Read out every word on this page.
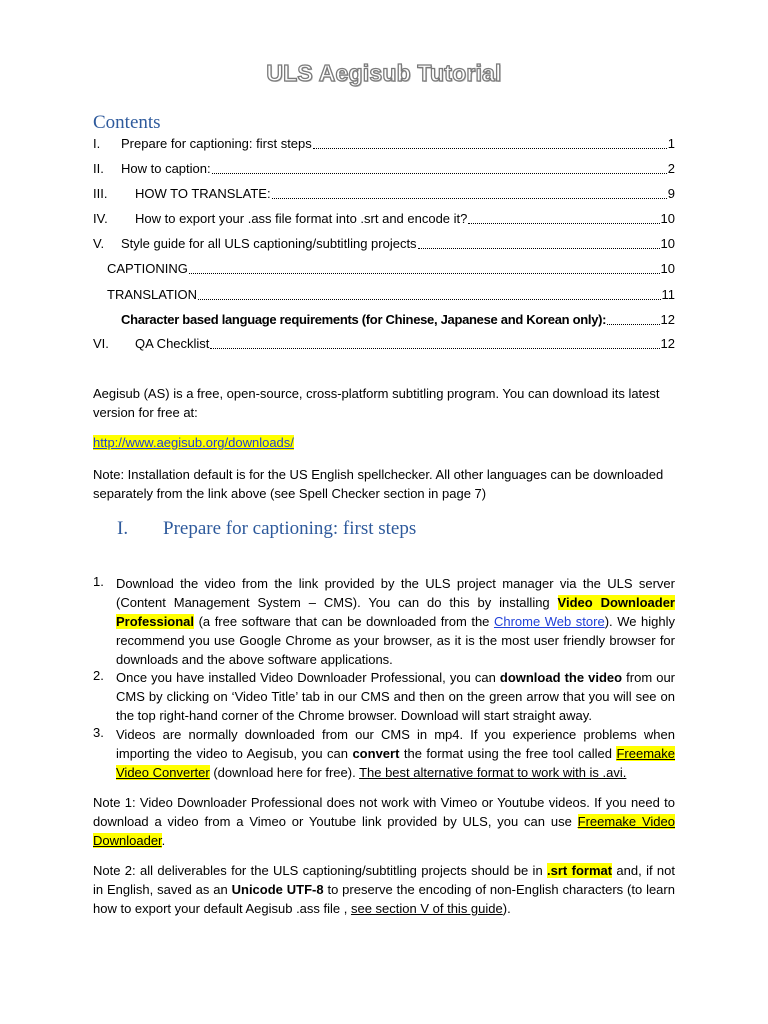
ULS Aegisub Tutorial
Contents
I.	Prepare for captioning: first steps	1
II.	How to caption:	2
III.	HOW TO TRANSLATE:	9
IV.	How to export your .ass file format into .srt and encode it?	10
V.	Style guide for all ULS captioning/subtitling projects	10
CAPTIONING	10
TRANSLATION	11
Character based language requirements (for Chinese, Japanese and Korean only):	12
VI.	QA Checklist	12
Aegisub (AS) is a free, open-source, cross-platform subtitling program. You can download its latest version for free at:
http://www.aegisub.org/downloads/
Note: Installation default is for the US English spellchecker. All other languages can be downloaded separately from the link above (see Spell Checker section in page 7)
I. Prepare for captioning: first steps
1. Download the video from the link provided by the ULS project manager via the ULS server (Content Management System – CMS). You can do this by installing Video Downloader Professional (a free software that can be downloaded from the Chrome Web store). We highly recommend you use Google Chrome as your browser, as it is the most user friendly browser for downloads and the above software applications.
2. Once you have installed Video Downloader Professional, you can download the video from our CMS by clicking on ‘Video Title’ tab in our CMS and then on the green arrow that you will see on the top right-hand corner of the Chrome browser. Download will start straight away.
3. Videos are normally downloaded from our CMS in mp4. If you experience problems when importing the video to Aegisub, you can convert the format using the free tool called Freemake Video Converter (download here for free). The best alternative format to work with is .avi.
Note 1: Video Downloader Professional does not work with Vimeo or Youtube videos. If you need to download a video from a Vimeo or Youtube link provided by ULS, you can use Freemake Video Downloader.
Note 2: all deliverables for the ULS captioning/subtitling projects should be in .srt format and, if not in English, saved as an Unicode UTF-8 to preserve the encoding of non-English characters (to learn how to export your default Aegisub .ass file , see section V of this guide).
